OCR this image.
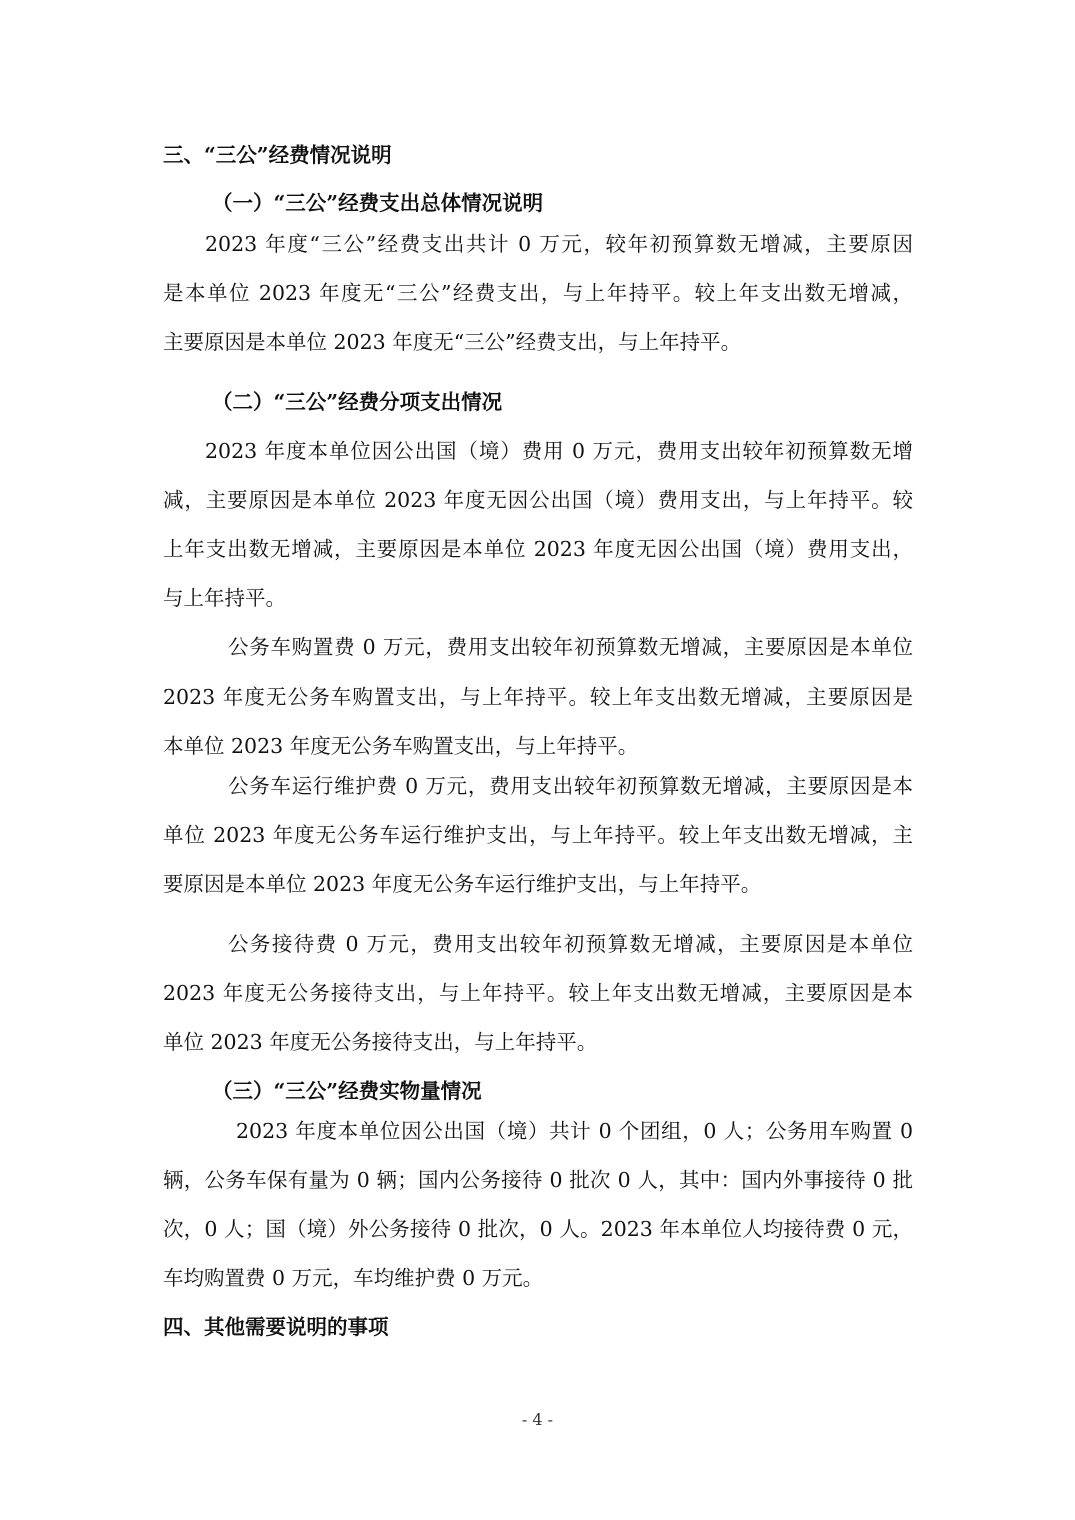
三、“三公”经费情况说明
（一）“三公”经费支出总体情况说明
2023 年度“三公”经费支出共计 0 万元，较年初预算数无增减，主要原因
是本单位 2023 年度无“三公”经费支出，与上年持平。较上年支出数无增减，
主要原因是本单位 2023 年度无“三公”经费支出，与上年持平。
（二）“三公”经费分项支出情况
2023 年度本单位因公出国（境）费用 0 万元，费用支出较年初预算数无增
减，主要原因是本单位 2023 年度无因公出国（境）费用支出，与上年持平。较
上年支出数无增减，主要原因是本单位 2023 年度无因公出国（境）费用支出，
与上年持平。
公务车购置费 0 万元，费用支出较年初预算数无增减，主要原因是本单位
2023 年度无公务车购置支出，与上年持平。较上年支出数无增减，主要原因是
本单位 2023 年度无公务车购置支出，与上年持平。
公务车运行维护费 0 万元，费用支出较年初预算数无增减，主要原因是本
单位 2023 年度无公务车运行维护支出，与上年持平。较上年支出数无增减，主
要原因是本单位 2023 年度无公务车运行维护支出，与上年持平。
公务接待费 0 万元，费用支出较年初预算数无增减，主要原因是本单位
2023 年度无公务接待支出，与上年持平。较上年支出数无增减，主要原因是本
单位 2023 年度无公务接待支出，与上年持平。
（三）“三公”经费实物量情况
2023 年度本单位因公出国（境）共计 0 个团组，0 人；公务用车购置 0
辆，公务车保有量为 0 辆；国内公务接待 0 批次 0 人，其中：国内外事接待 0 批
次，0 人；国（境）外公务接待 0 批次，0 人。2023 年本单位人均接待费 0 元，
车均购置费 0 万元，车均维护费 0 万元。
四、其他需要说明的事项
- 4 -
